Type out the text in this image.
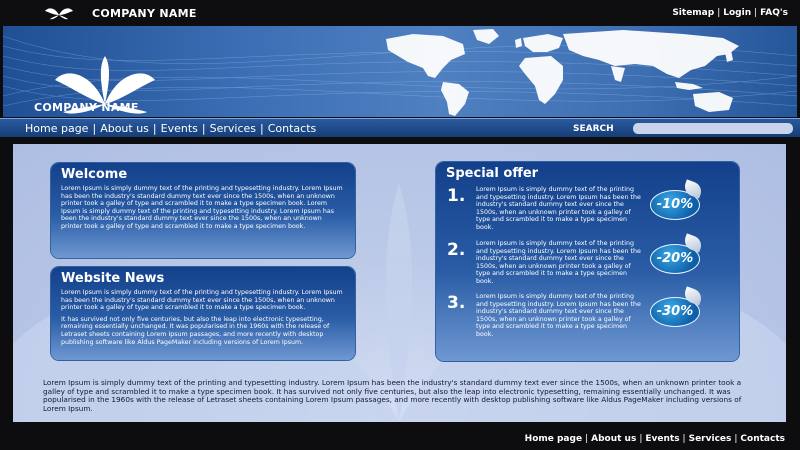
COMPANY NAME	Sitemap | Login | FAQ's
COMPANY NAME
Home page | About us | Events | Services | Contacts	SEARCH
Welcome

Lorem Ipsum is simply dummy text of the printing and typesetting industry. Lorem Ipsum has been the industry's standard dummy text ever since the 1500s, when an unknown printer took a galley of type and scrambled it to make a type specimen book. Lorem Ipsum is simply dummy text of the printing and typesetting industry. Lorem Ipsum has been the industry's standard dummy text ever since the 1500s, when an unknown printer took a galley of type and scrambled it to make a type specimen book.

Website News

Lorem Ipsum is simply dummy text of the printing and typesetting industry. Lorem Ipsum has been the industry's standard dummy text ever since the 1500s, when an unknown printer took a galley of type and scrambled it to make a type specimen book.

It has survived not only five centuries, but also the leap into electronic typesetting, remaining essentially unchanged. It was popularised in the 1960s with the release of Letraset sheets containing Lorem Ipsum passages, and more recently with desktop publishing software like Aldus PageMaker including versions of Lorem Ipsum.

Special offer
1. Lorem Ipsum is simply dummy text of the printing and typesetting industry. Lorem Ipsum has been the industry's standard dummy text ever since the 1500s, when an unknown printer took a galley of type and scrambled it to make a type specimen book.
-10%
2. Lorem Ipsum is simply dummy text of the printing and typesetting industry. Lorem Ipsum has been the industry's standard dummy text ever since the 1500s, when an unknown printer took a galley of type and scrambled it to make a type specimen book.
-20%
3. Lorem Ipsum is simply dummy text of the printing and typesetting industry. Lorem Ipsum has been the industry's standard dummy text ever since the 1500s, when an unknown printer took a galley of type and scrambled it to make a type specimen book.
-30%
Lorem Ipsum is simply dummy text of the printing and typesetting industry. Lorem Ipsum has been the industry's standard dummy text ever since the 1500s, when an unknown printer took a galley of type and scrambled it to make a type specimen book. It has survived not only five centuries, but also the leap into electronic typesetting, remaining essentially unchanged. It was popularised in the 1960s with the release of Letraset sheets containing Lorem Ipsum passages, and more recently with desktop publishing software like Aldus PageMaker including versions of Lorem Ipsum.
Home page | About us | Events | Services | Contacts
